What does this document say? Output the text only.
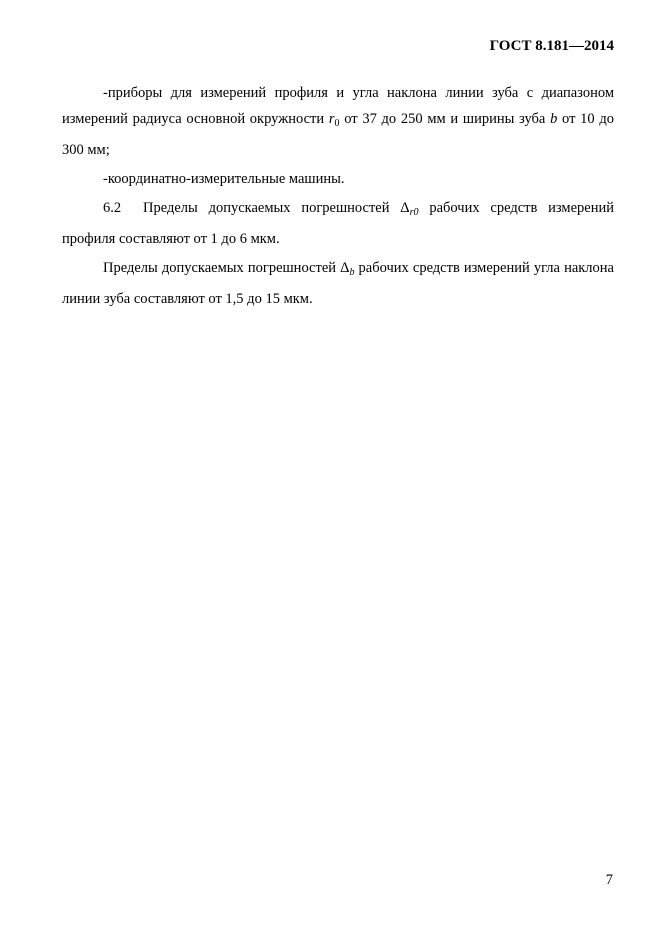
ГОСТ 8.181—2014

-приборы для измерений профиля и угла наклона линии зуба с диапазоном измерений радиуса основной окружности $r_0$ от 37 до 250 мм и ширины зуба b от 10 до 300 мм;

-координатно-измерительные машины.

6.2 Пределы допускаемых погрешностей $\Delta_{r0}$ рабочих средств измерений профиля составляют от 1 до 6 мкм.

Пределы допускаемых погрешностей $\Delta_b$ рабочих средств измерений угла наклона линии зуба составляют от 1,5 до 15 мкм.

7
